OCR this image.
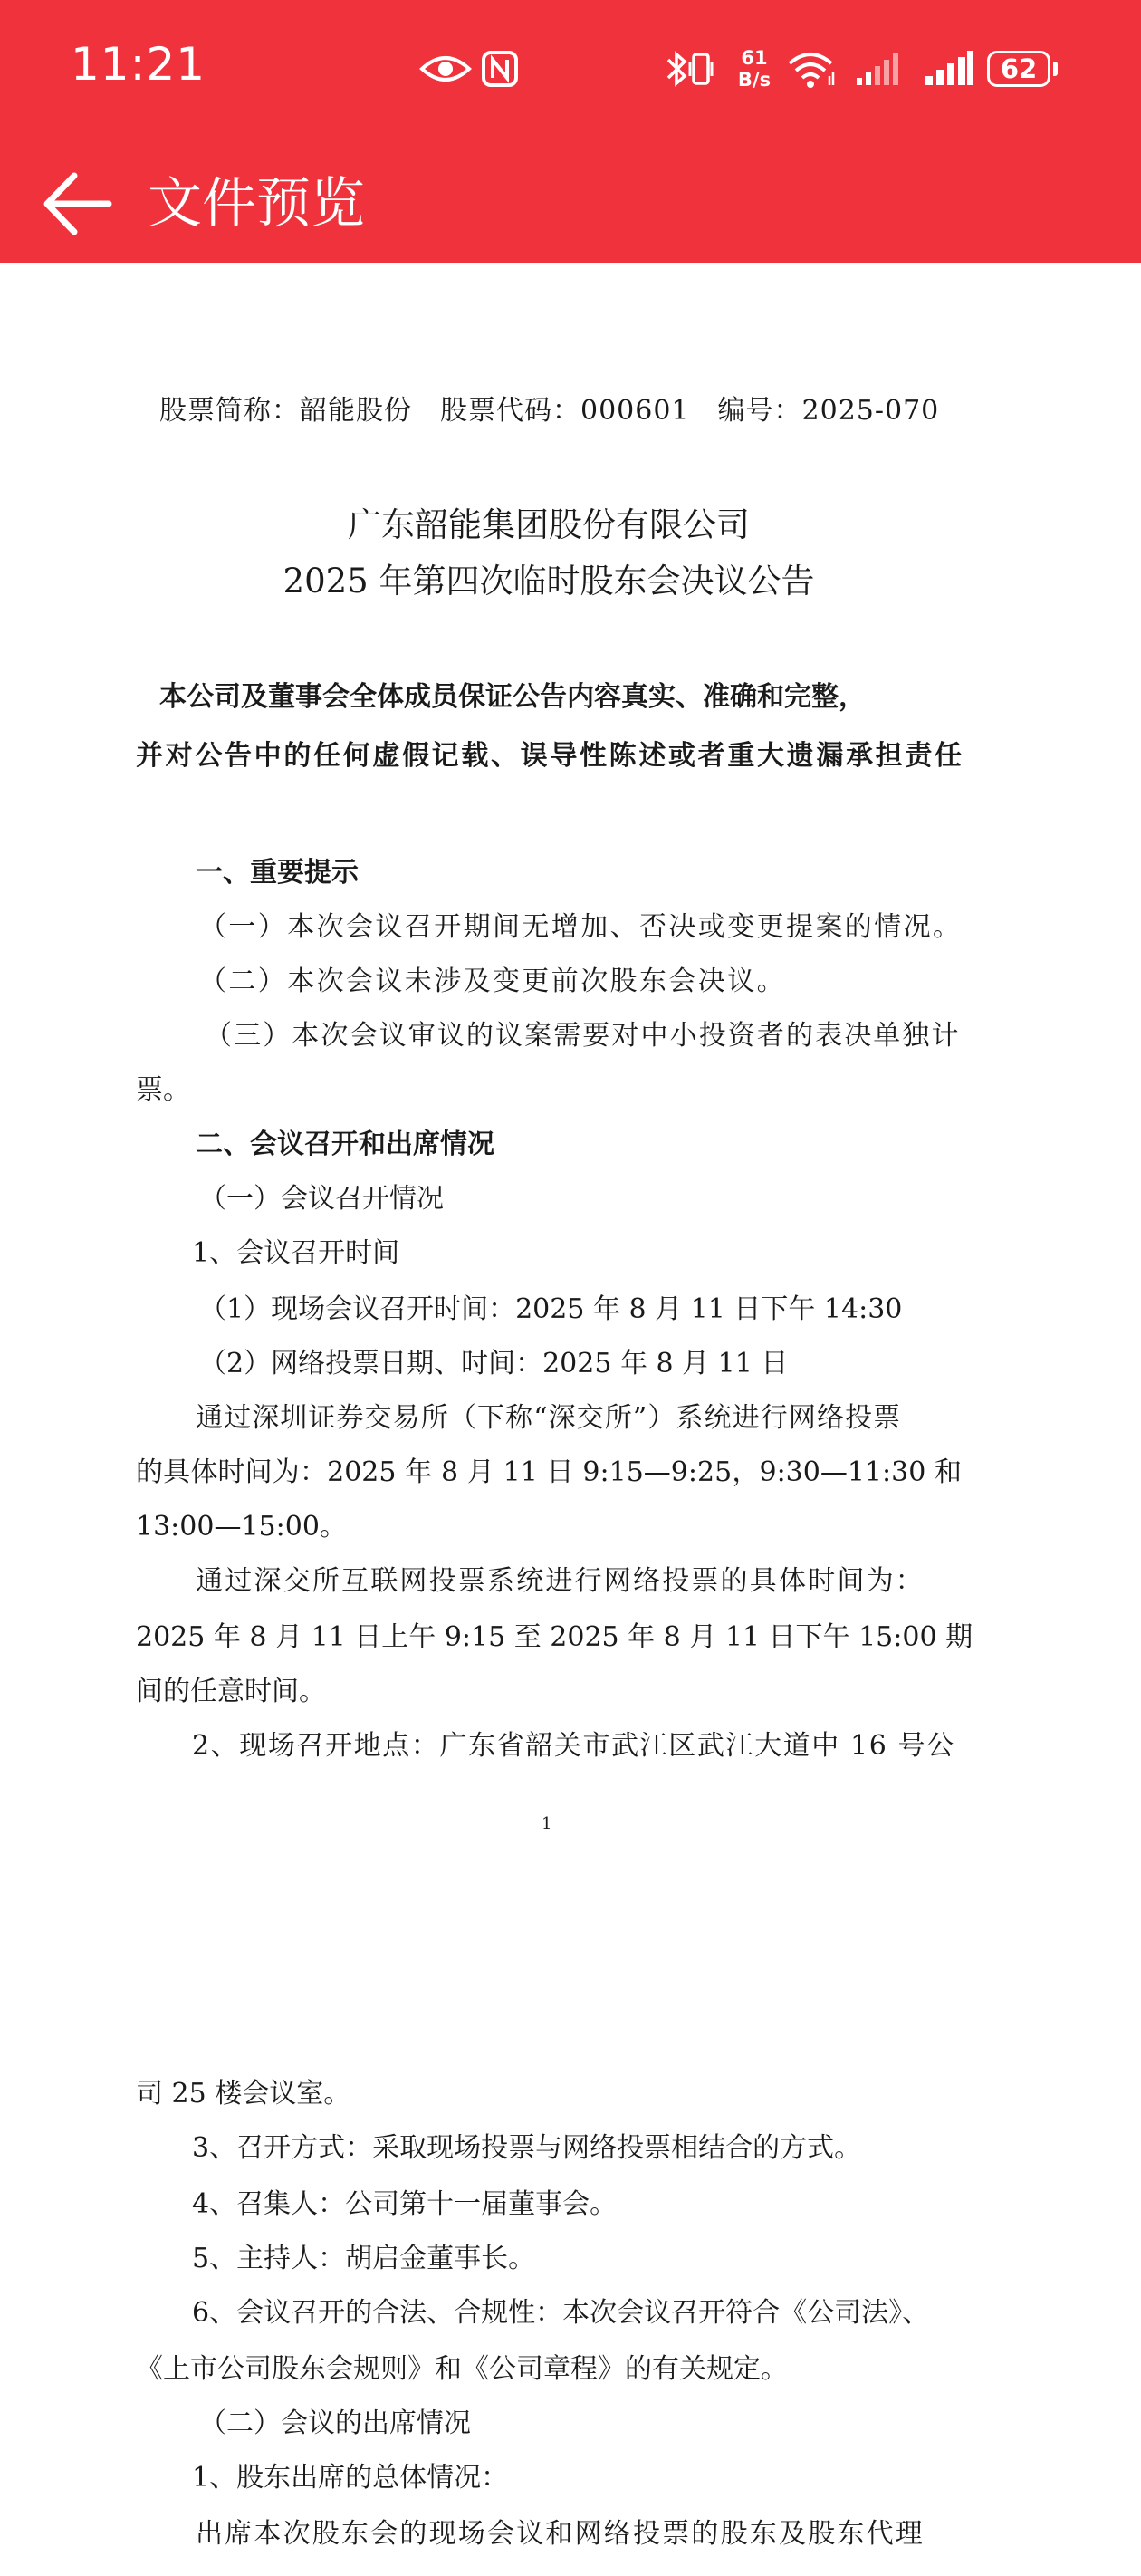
11:21	61
B/s	62
文件预览
股票简称：韶能股份　股票代码：000601　编号：2025-070
广东韶能集团股份有限公司
2025 年第四次临时股东会决议公告
本公司及董事会全体成员保证公告内容真实、准确和完整，
并对公告中的任何虚假记载、误导性陈述或者重大遗漏承担责任
一、重要提示
（一）本次会议召开期间无增加、否决或变更提案的情况。
（二）本次会议未涉及变更前次股东会决议。
（三）本次会议审议的议案需要对中小投资者的表决单独计
票。
二、会议召开和出席情况
（一）会议召开情况
1、会议召开时间
（1）现场会议召开时间：2025 年 8 月 11 日下午 14:30
（2）网络投票日期、时间：2025 年 8 月 11 日
通过深圳证券交易所（下称“深交所”）系统进行网络投票
的具体时间为：2025 年 8 月 11 日 9:15—9:25，9:30—11:30 和
13:00—15:00。
通过深交所互联网投票系统进行网络投票的具体时间为：
2025 年 8 月 11 日上午 9:15 至 2025 年 8 月 11 日下午 15:00 期
间的任意时间。
2、现场召开地点：广东省韶关市武江区武江大道中 16 号公
1
司 25 楼会议室。
3、召开方式：采取现场投票与网络投票相结合的方式。
4、召集人：公司第十一届董事会。
5、主持人：胡启金董事长。
6、会议召开的合法、合规性：本次会议召开符合《公司法》、
《上市公司股东会规则》和《公司章程》的有关规定。
（二）会议的出席情况
1、股东出席的总体情况：
出席本次股东会的现场会议和网络投票的股东及股东代理
